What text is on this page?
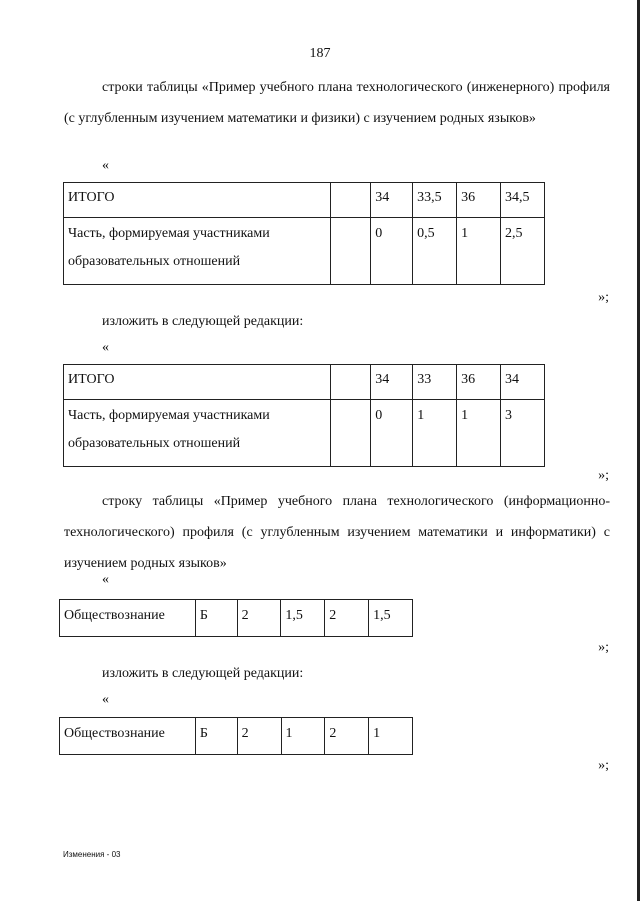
187

строки таблицы «Пример учебного плана технологического (инженерного) профиля (с углубленным изучением математики и физики) с изучением родных языков»

«
ИТОГО		34	33,5	36	34,5
Часть, формируемая участниками образовательных отношений		0	0,5	1	2,5
»;
изложить в следующей редакции:
«
ИТОГО		34	33	36	34
Часть, формируемая участниками образовательных отношений		0	1	1	3
»;

строку таблицы «Пример учебного плана технологического (информационно-технологического) профиля (с углубленным изучением математики и информатики) с изучением родных языков»

«
Обществознание	Б	2	1,5	2	1,5
»;
изложить в следующей редакции:
«
Обществознание	Б	2	1	2	1
»;
Изменения - 03
